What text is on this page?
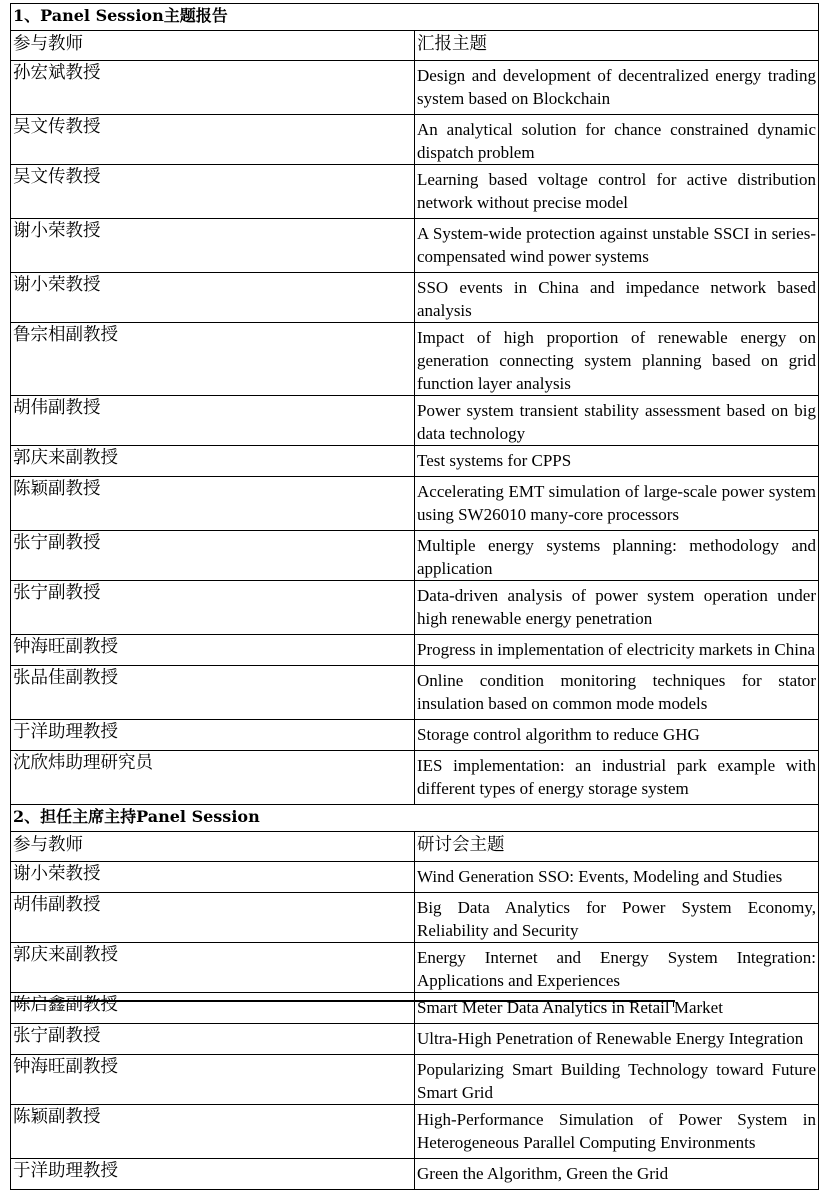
1、Panel Session主题报告	
参与教师	汇报主题
孙宏斌教授	Design and development of decentralized energy trading system based on Blockchain
吴文传教授	An analytical solution for chance constrained dynamic dispatch problem
吴文传教授	Learning based voltage control for active distribution network without precise model
谢小荣教授	A System-wide protection against unstable SSCI in series-compensated wind power systems
谢小荣教授	SSO events in China and impedance network based analysis
鲁宗相副教授	Impact of high proportion of renewable energy on generation connecting system planning based on grid function layer analysis
胡伟副教授	Power system transient stability assessment based on big data technology
郭庆来副教授	Test systems for CPPS
陈颖副教授	Accelerating EMT simulation of large-scale power system using SW26010 many-core processors
张宁副教授	Multiple energy systems planning: methodology and application
张宁副教授	Data-driven analysis of power system operation under high renewable energy penetration
钟海旺副教授	Progress in implementation of electricity markets in China
张品佳副教授	Online condition monitoring techniques for stator insulation based on common mode models
于洋助理教授	Storage control algorithm to reduce GHG
沈欣炜助理研究员	IES implementation: an industrial park example with different types of energy storage system
2、担任主席主持Panel Session	
参与教师	研讨会主题
谢小荣教授	Wind Generation SSO: Events, Modeling and Studies
胡伟副教授	Big Data Analytics for Power System Economy, Reliability and Security
郭庆来副教授	Energy Internet and Energy System Integration: Applications and Experiences
陈启鑫副教授	Smart Meter Data Analytics in Retail Market
张宁副教授	Ultra-High Penetration of Renewable Energy Integration
钟海旺副教授	Popularizing Smart Building Technology toward Future Smart Grid
陈颖副教授	High-Performance Simulation of Power System in Heterogeneous Parallel Computing Environments
于洋助理教授	Green the Algorithm, Green the Grid
